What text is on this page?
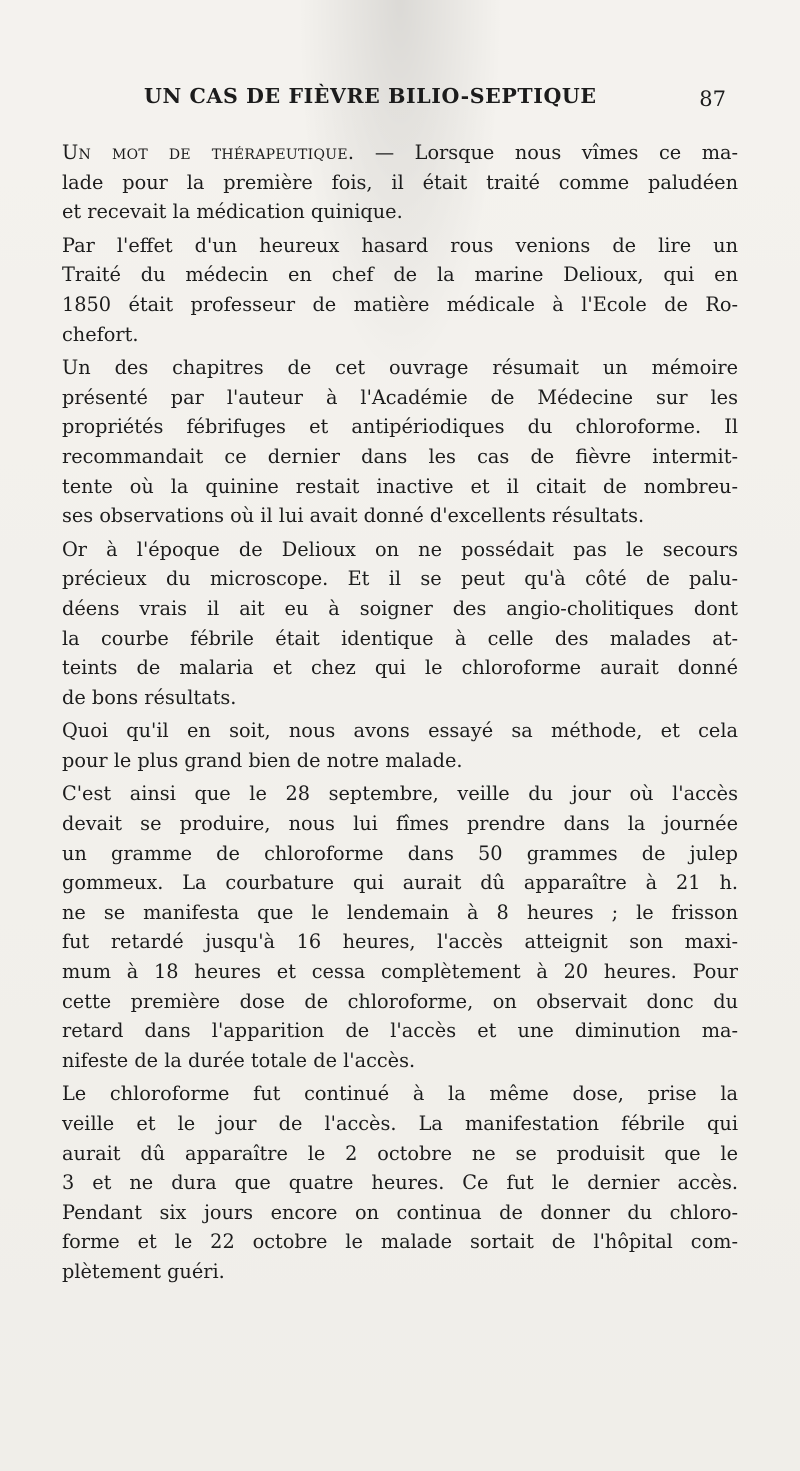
UN CAS DE FIÈVRE BILIO-SEPTIQUE	87

Un mot de thérapeutique. — Lorsque nous vîmes ce ma-
lade pour la première fois, il était traité comme paludéen
et recevait la médication quinique.

Par l'effet d'un heureux hasard rous venions de lire un
Traité du médecin en chef de la marine Delioux, qui en
1850 était professeur de matière médicale à l'Ecole de Ro-
chefort.

Un des chapitres de cet ouvrage résumait un mémoire
présenté par l'auteur à l'Académie de Médecine sur les
propriétés fébrifuges et antipériodiques du chloroforme. Il
recommandait ce dernier dans les cas de fièvre intermit-
tente où la quinine restait inactive et il citait de nombreu-
ses observations où il lui avait donné d'excellents résultats.

Or à l'époque de Delioux on ne possédait pas le secours
précieux du microscope. Et il se peut qu'à côté de palu-
déens vrais il ait eu à soigner des angio-cholitiques dont
la courbe fébrile était identique à celle des malades at-
teints de malaria et chez qui le chloroforme aurait donné
de bons résultats.

Quoi qu'il en soit, nous avons essayé sa méthode, et cela
pour le plus grand bien de notre malade.

C'est ainsi que le 28 septembre, veille du jour où l'accès
devait se produire, nous lui fîmes prendre dans la journée
un gramme de chloroforme dans 50 grammes de julep
gommeux. La courbature qui aurait dû apparaître à 21 h.
ne se manifesta que le lendemain à 8 heures ; le frisson
fut retardé jusqu'à 16 heures, l'accès atteignit son maxi-
mum à 18 heures et cessa complètement à 20 heures. Pour
cette première dose de chloroforme, on observait donc du
retard dans l'apparition de l'accès et une diminution ma-
nifeste de la durée totale de l'accès.

Le chloroforme fut continué à la même dose, prise la
veille et le jour de l'accès. La manifestation fébrile qui
aurait dû apparaître le 2 octobre ne se produisit que le
3 et ne dura que quatre heures. Ce fut le dernier accès.
Pendant six jours encore on continua de donner du chloro-
forme et le 22 octobre le malade sortait de l'hôpital com-
plètement guéri.
